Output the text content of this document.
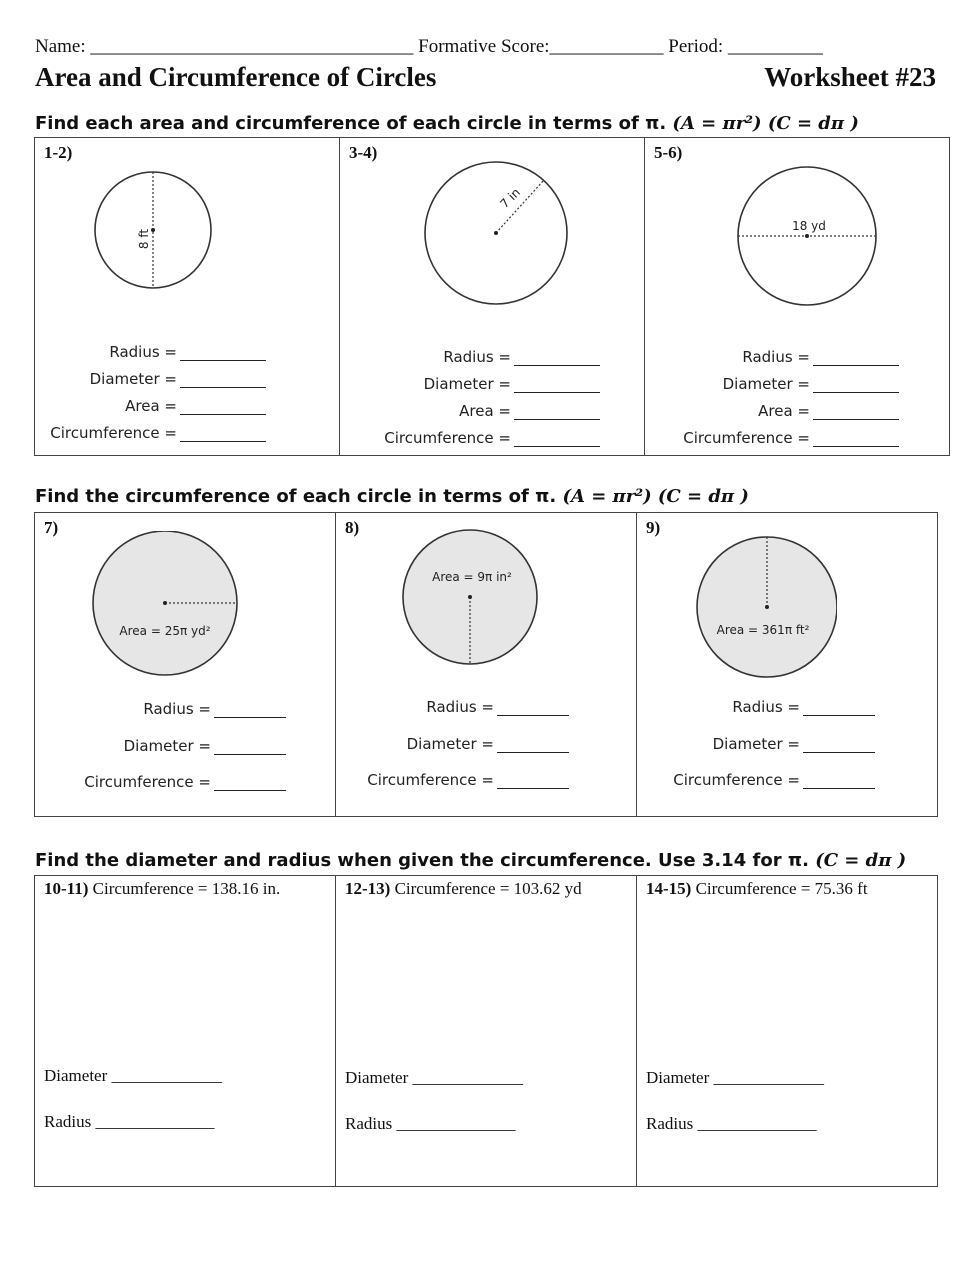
Name: __________________________________ Formative Score:____________ Period: __________
Area and Circumference of Circles	Worksheet #23
Find each area and circumference of each circle in terms of π. (A = πr²) (C = dπ )
1-2)
8 ft
Radius =
Diameter =
Area =
Circumference =

3-4)
7 in
Radius =
Diameter =
Area =
Circumference =

5-6)
18 yd
Radius =
Diameter =
Area =
Circumference =
Find the circumference of each circle in terms of π. (A = πr²) (C = dπ )
7)
Area = 25π yd²
Radius =
Diameter =
Circumference =

8)
Area = 9π in²
Radius =
Diameter =
Circumference =

9)
Area = 361π ft²
Radius =
Diameter =
Circumference =
Find the diameter and radius when given the circumference. Use 3.14 for π. (C = dπ )
10-11) Circumference = 138.16 in.
Diameter _____________
Radius ______________

12-13) Circumference = 103.62 yd
Diameter _____________
Radius ______________

14-15) Circumference = 75.36 ft
Diameter _____________
Radius ______________
